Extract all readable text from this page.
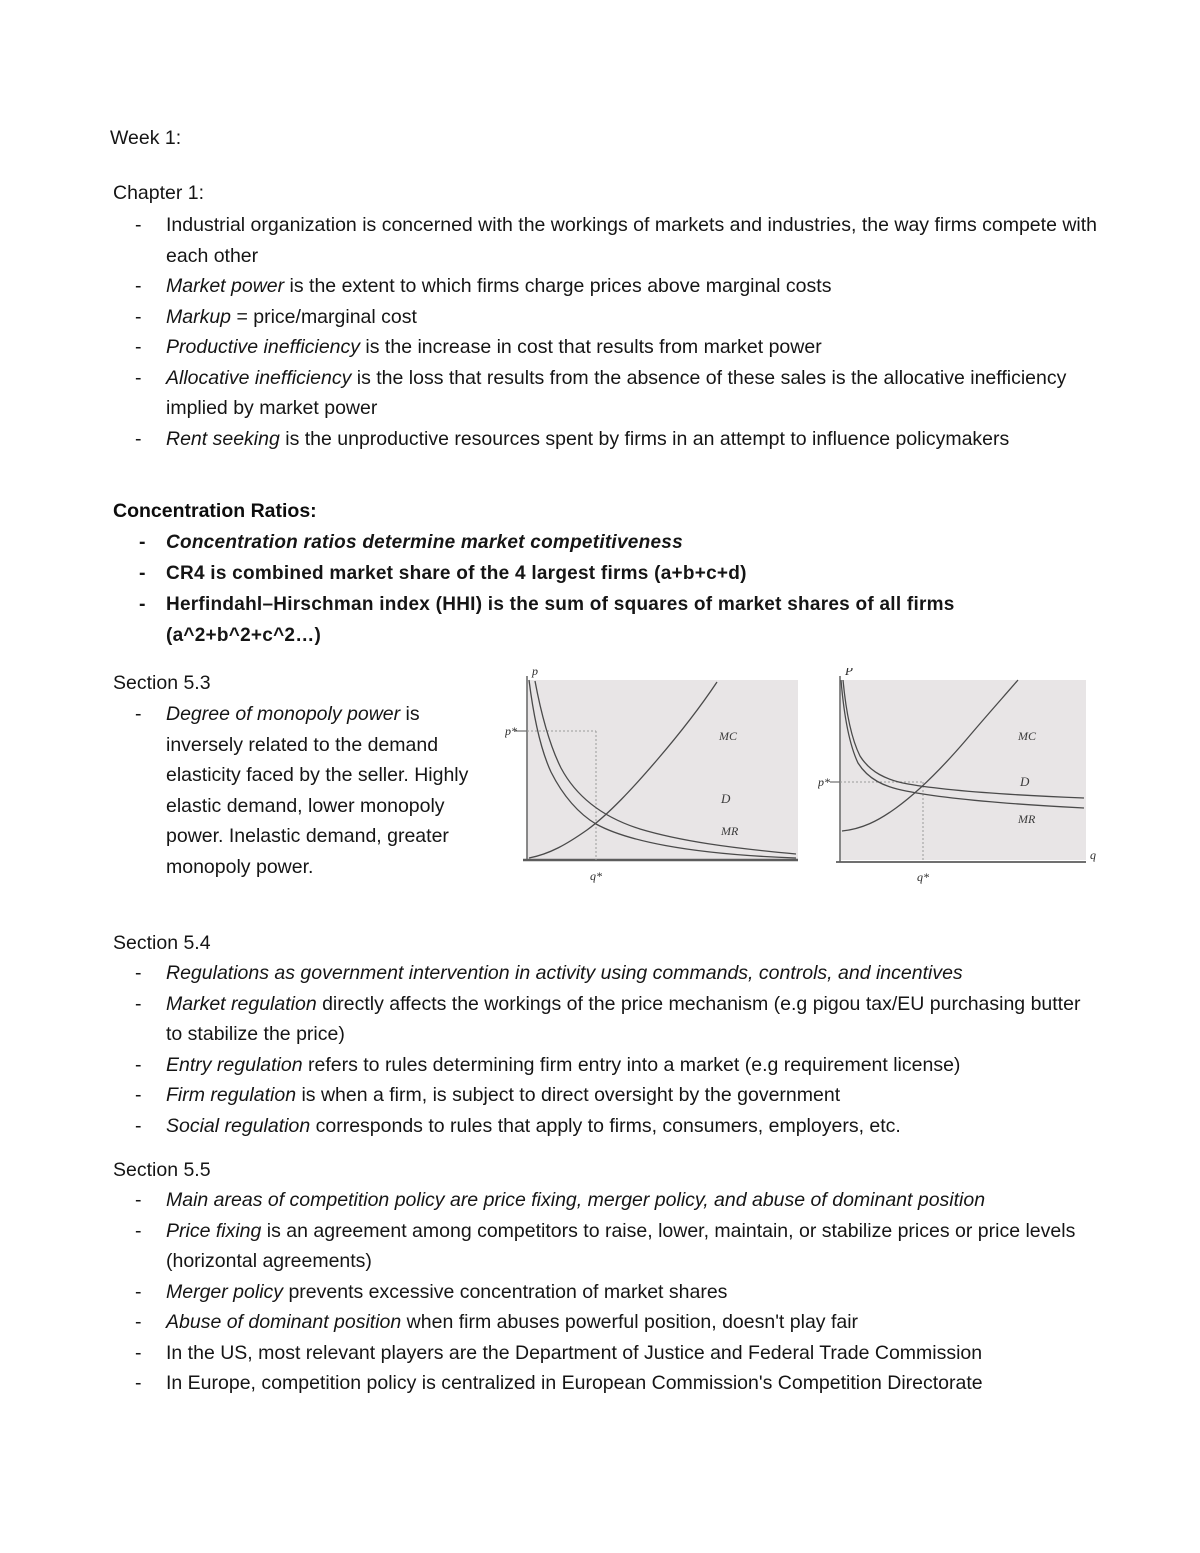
Week 1:
Chapter 1:
- Industrial organization is concerned with the workings of markets and industries, the way firms compete with each other
- Market power is the extent to which firms charge prices above marginal costs
- Markup = price/marginal cost
- Productive inefficiency is the increase in cost that results from market power
- Allocative inefficiency is the loss that results from the absence of these sales is the allocative inefficiency implied by market power
- Rent seeking is the unproductive resources spent by firms in an attempt to influence policymakers
Concentration Ratios:
- Concentration ratios determine market competitiveness
- CR4 is combined market share of the 4 largest firms (a+b+c+d)
- Herfindahl–Hirschman index (HHI) is the sum of squares of market shares of all firms (a^2+b^2+c^2…)
Section 5.3
- Degree of monopoly power is inversely related to the demand elasticity faced by the seller. Highly elastic demand, lower monopoly power. Inelastic demand, greater monopoly power.
p
p*
q*
MC
D
MR
P
p*
q*
q
MC
D
MR
Section 5.4
- Regulations as government intervention in activity using commands, controls, and incentives
- Market regulation directly affects the workings of the price mechanism (e.g pigou tax/EU purchasing butter to stabilize the price)
- Entry regulation refers to rules determining firm entry into a market (e.g requirement license)
- Firm regulation is when a firm, is subject to direct oversight by the government
- Social regulation corresponds to rules that apply to firms, consumers, employers, etc.
Section 5.5
- Main areas of competition policy are price fixing, merger policy, and abuse of dominant position
- Price fixing is an agreement among competitors to raise, lower, maintain, or stabilize prices or price levels (horizontal agreements)
- Merger policy prevents excessive concentration of market shares
- Abuse of dominant position when firm abuses powerful position, doesn't play fair
- In the US, most relevant players are the Department of Justice and Federal Trade Commission
- In Europe, competition policy is centralized in European Commission's Competition Directorate
